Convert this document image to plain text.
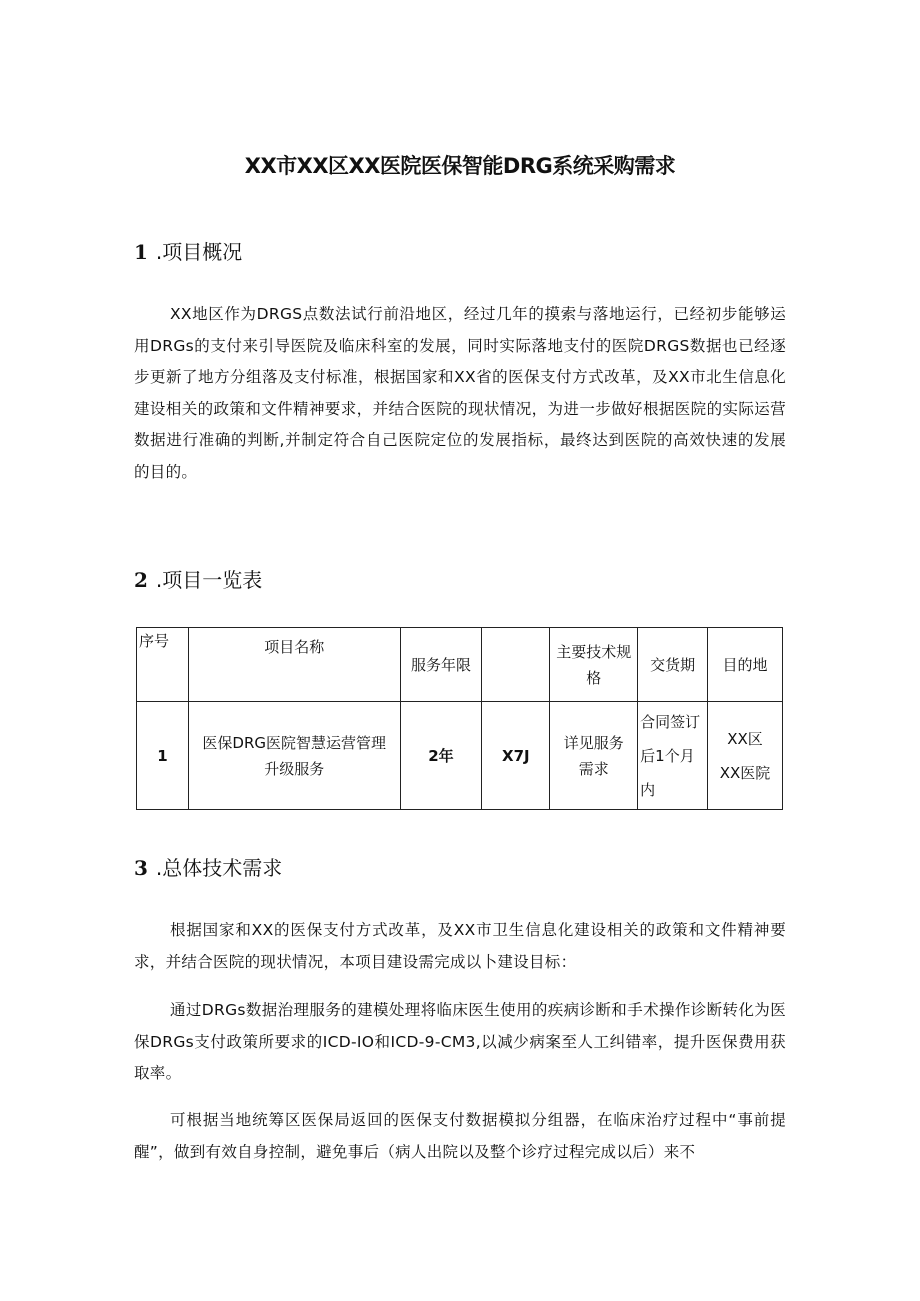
XX市XX区XX医院医保智能DRG系统采购需求
1 .项目概况
XX地区作为DRGS点数法试行前沿地区，经过几年的摸索与落地运行，已经初步能够运用DRGs的支付来引导医院及临床科室的发展，同时实际落地支付的医院DRGS数据也已经逐步更新了地方分组落及支付标准，根据国家和XX省的医保支付方式改革，及XX市北生信息化建设相关的政策和文件精神要求，并结合医院的现状情况，为进一步做好根据医院的实际运营数据进行准确的判断,并制定符合自己医院定位的发展指标，最终达到医院的高效快速的发展的目的。
2 .项目一览表
序号	项目名称	服务年限		主要技术规格	交货期	目的地
1	医保DRG医院智慧运营管理升级服务	2年	X7J	详见服务需求	合同签订后1个月内	XX区XX医院
3 .总体技术需求
根据国家和XX的医保支付方式改革，及XX市卫生信息化建设相关的政策和文件精神要求，并结合医院的现状情况，本项目建设需完成以卜建设目标：
通过DRGs数据治理服务的建模处理将临床医生使用的疾病诊断和手术操作诊断转化为医保DRGs支付政策所要求的ICD-IO和ICD-9-CM3,以减少病案至人工纠错率，提升医保费用获取率。
可根据当地统筹区医保局返回的医保支付数据模拟分组器，在临床治疗过程中“事前提醒”，做到有效自身控制，避免事后（病人出院以及整个诊疗过程完成以后）来不
